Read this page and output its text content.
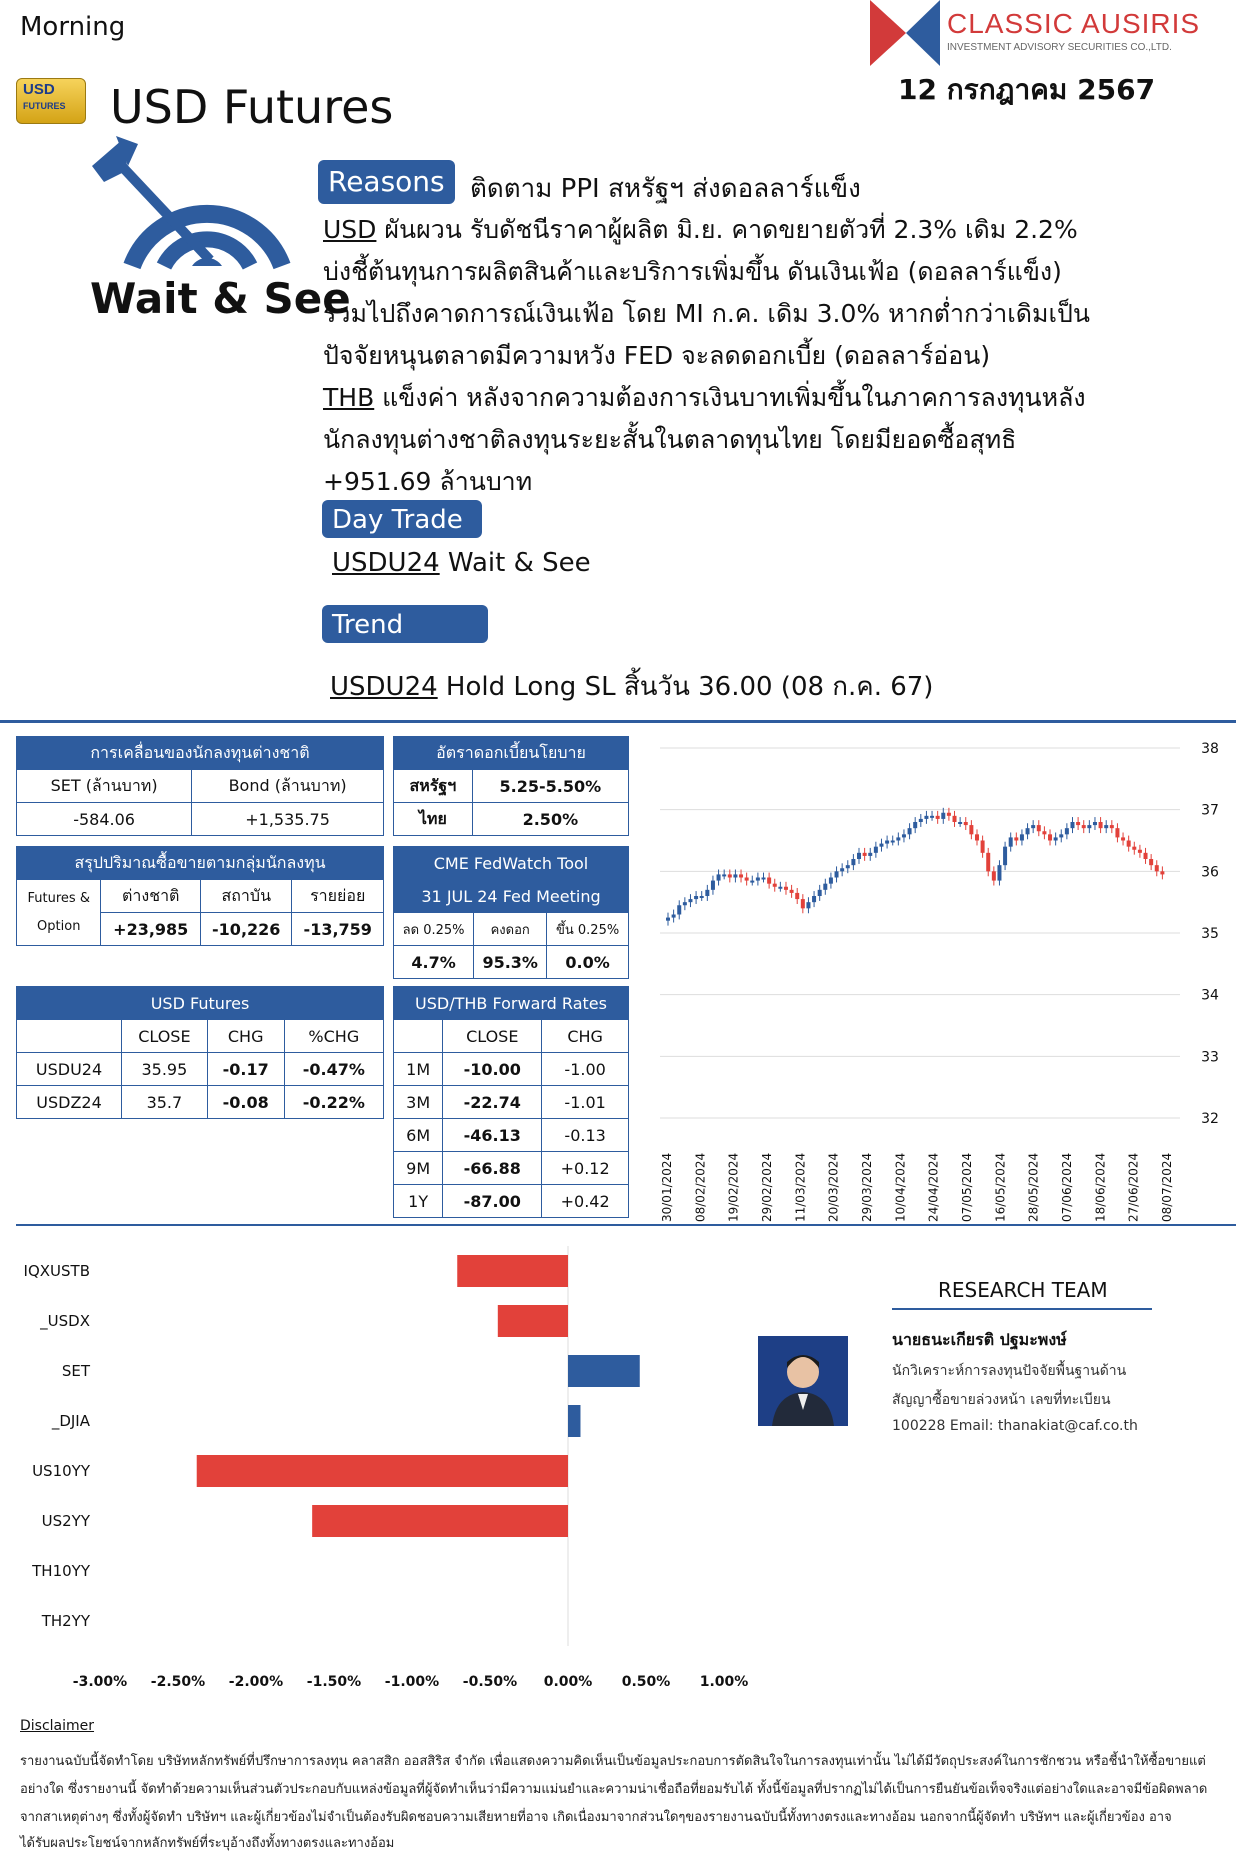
Morning
USD
FUTURES USD Futures
CLASSIC AUSIRIS
INVESTMENT ADVISORY SECURITIES CO.,LTD.
12 กรกฎาคม 2567
Wait & See
Reasons ติดตาม PPI สหรัฐฯ ส่งดอลลาร์แข็ง
USD ผันผวน รับดัชนีราคาผู้ผลิต มิ.ย. คาดขยายตัวที่ 2.3% เดิม 2.2%
บ่งชี้ต้นทุนการผลิตสินค้าและบริการเพิ่มขึ้น ดันเงินเฟ้อ (ดอลลาร์แข็ง)
รวมไปถึงคาดการณ์เงินเฟ้อ โดย MI ก.ค. เดิม 3.0% หากต่ำกว่าเดิมเป็น
ปัจจัยหนุนตลาดมีความหวัง FED จะลดดอกเบี้ย (ดอลลาร์อ่อน)
THB แข็งค่า หลังจากความต้องการเงินบาทเพิ่มขึ้นในภาคการลงทุนหลัง
นักลงทุนต่างชาติลงทุนระยะสั้นในตลาดทุนไทย โดยมียอดซื้อสุทธิ
+951.69 ล้านบาท
Day Trade
USDU24 Wait & See
Trend Trade
USDU24 Hold Long SL สิ้นวัน 36.00 (08 ก.ค. 67)
การเคลื่อนของนักลงทุนต่างชาติ	
SET (ล้านบาท)	Bond (ล้านบาท)
-584.06	+1,535.75
อัตราดอกเบี้ยนโยบาย	
สหรัฐฯ	5.25-5.50%
ไทย	2.50%
สรุปปริมาณซื้อขายตามกลุ่มนักลงทุน			
Futures &
Option	ต่างชาติ	สถาบัน	รายย่อย
	+23,985	-10,226	-13,759
CME FedWatch Tool		
31 JUL 24 Fed Meeting		
ลด 0.25%	คงดอก	ขึ้น 0.25%
4.7%	95.3%	0.0%
USD Futures			
	CLOSE	CHG	%CHG
USDU24	35.95	-0.17	-0.47%
USDZ24	35.7	-0.08	-0.22%
USD/THB Forward Rates		
	CLOSE	CHG
1M	-10.00	-1.00
3M	-22.74	-1.01
6M	-46.13	-0.13
9M	-66.88	+0.12
1Y	-87.00	+0.42
38
37
36
35
34
33
32
30/01/2024 08/02/2024 19/02/2024 29/02/2024 11/03/2024 20/03/2024 29/03/2024 10/04/2024 24/04/2024 07/05/2024 16/05/2024 28/05/2024 07/06/2024 18/06/2024 27/06/2024 08/07/2024
IQXUSTB
_USDX
SET
_DJIA
US10YY
US2YY
TH10YY
TH2YY
-3.00% -2.50% -2.00% -1.50% -1.00% -0.50% 0.00% 0.50% 1.00%
RESEARCH TEAM
นายธนะเกียรติ ปฐมะพงษ์
นักวิเคราะห์การลงทุนปัจจัยพื้นฐานด้าน
สัญญาซื้อขายล่วงหน้า เลขที่ทะเบียน
100228 Email: thanakiat@caf.co.th
Disclaimer
รายงานฉบับนี้จัดทำโดย บริษัทหลักทรัพย์ที่ปรึกษาการลงทุน คลาสสิก ออสสิริส จำกัด เพื่อแสดงความคิดเห็นเป็นข้อมูลประกอบการตัดสินใจในการลงทุนเท่านั้น ไม่ได้มีวัตถุประสงค์ในการชักชวน หรือชี้นำให้ซื้อขายแต่
อย่างใด ซึ่งรายงานนี้ จัดทำด้วยความเห็นส่วนตัวประกอบกับแหล่งข้อมูลที่ผู้จัดทำเห็นว่ามีความแม่นยำและความน่าเชื่อถือที่ยอมรับได้ ทั้งนี้ข้อมูลที่ปรากฏไม่ได้เป็นการยืนยันข้อเท็จจริงแต่อย่างใดและอาจมีข้อผิดพลาด
จากสาเหตุต่างๆ ซึ่งทั้งผู้จัดทำ บริษัทฯ และผู้เกี่ยวข้องไม่จำเป็นต้องรับผิดชอบความเสียหายที่อาจ เกิดเนื่องมาจากส่วนใดๆของรายงานฉบับนี้ทั้งทางตรงและทางอ้อม นอกจากนี้ผู้จัดทำ บริษัทฯ และผู้เกี่ยวข้อง อาจ
ได้รับผลประโยชน์จากหลักทรัพย์ที่ระบุอ้างถึงทั้งทางตรงและทางอ้อม
